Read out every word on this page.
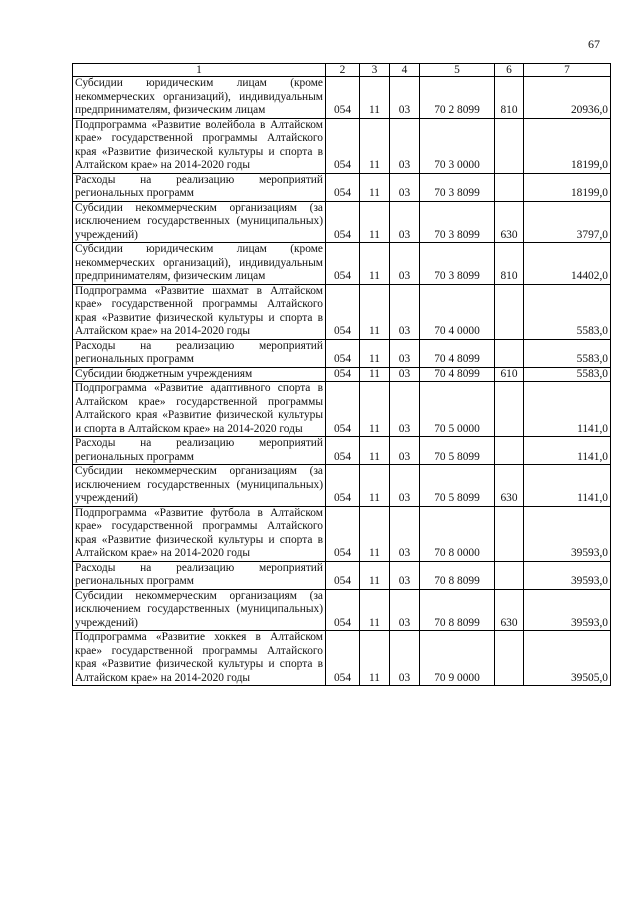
67
1	2	3	4	5	6	7
Субсидии юридическим лицам (кроме некоммерческих организаций), индивидуальным предпринимателям, физическим лицам	054	11	03	70 2 8099	810	20936,0
Подпрограмма «Развитие волейбола в Алтайском крае» государственной программы Алтайского края «Развитие физической культуры и спорта в Алтайском крае» на 2014-2020 годы	054	11	03	70 3 0000		18199,0
Расходы на реализацию мероприятий региональных программ	054	11	03	70 3 8099		18199,0
Субсидии некоммерческим организациям (за исключением государственных (муниципальных) учреждений)	054	11	03	70 3 8099	630	3797,0
Субсидии юридическим лицам (кроме некоммерческих организаций), индивидуальным предпринимателям, физическим лицам	054	11	03	70 3 8099	810	14402,0
Подпрограмма «Развитие шахмат в Алтайском крае» государственной программы Алтайского края «Развитие физической культуры и спорта в Алтайском крае» на 2014-2020 годы	054	11	03	70 4 0000		5583,0
Расходы на реализацию мероприятий региональных программ	054	11	03	70 4 8099		5583,0
Субсидии бюджетным учреждениям	054	11	03	70 4 8099	610	5583,0
Подпрограмма «Развитие адаптивного спорта в Алтайском крае» государственной программы Алтайского края «Развитие физической культуры и спорта в Алтайском крае» на 2014-2020 годы	054	11	03	70 5 0000		1141,0
Расходы на реализацию мероприятий региональных программ	054	11	03	70 5 8099		1141,0
Субсидии некоммерческим организациям (за исключением государственных (муниципальных) учреждений)	054	11	03	70 5 8099	630	1141,0
Подпрограмма «Развитие футбола в Алтайском крае» государственной программы Алтайского края «Развитие физической культуры и спорта в Алтайском крае» на 2014-2020 годы	054	11	03	70 8 0000		39593,0
Расходы на реализацию мероприятий региональных программ	054	11	03	70 8 8099		39593,0
Субсидии некоммерческим организациям (за исключением государственных (муниципальных) учреждений)	054	11	03	70 8 8099	630	39593,0
Подпрограмма «Развитие хоккея в Алтайском крае» государственной программы Алтайского края «Развитие физической культуры и спорта в Алтайском крае» на 2014-2020 годы	054	11	03	70 9 0000		39505,0
